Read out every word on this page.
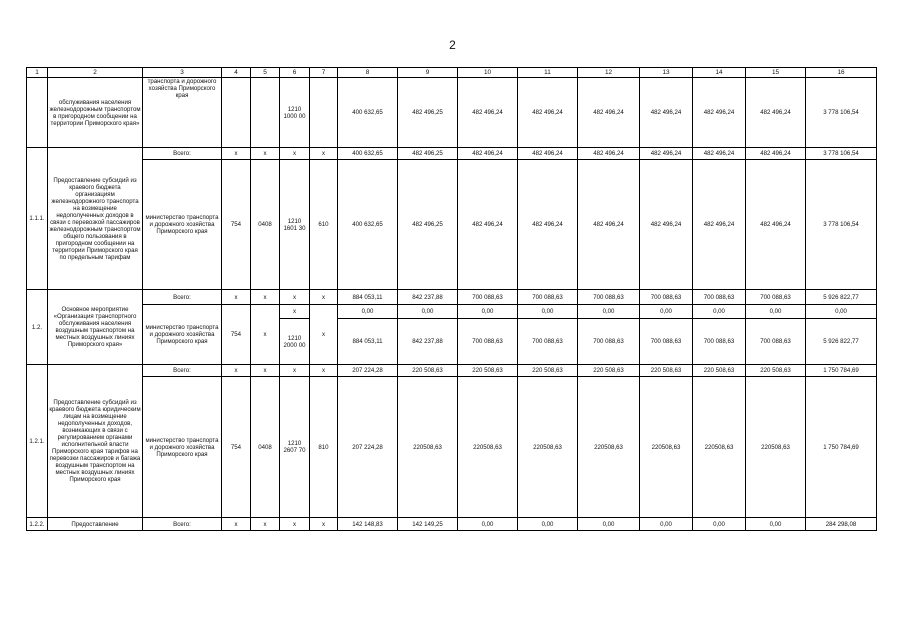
2
1	2	3	4	5	6	7	8	9	10	11	12	13	14	15	16
	обслуживания населения железнодорожным транспортом в пригородном сообщении на территории Приморского края»	транспорта и дорожного хозяйства Приморского края			1210 1000 00		400 632,65	482 496,25	482 496,24	482 496,24	482 496,24	482 496,24	482 496,24	482 496,24	3 778 106,54
1.1.1.	Предоставление субсидий из краевого бюджета организациям железнодорожного транспорта на возмещение недополученных доходов в связи с перевозкой пассажиров железнодорожным транспортом общего пользования в пригородном сообщении на территории Приморского края по предельным тарифам	Всего:	x	x	x	x	400 632,65	482 496,25	482 496,24	482 496,24	482 496,24	482 496,24	482 496,24	482 496,24	3 778 106,54
		министерство транспорта и дорожного хозяйства Приморского края	754	0408	1210 1601 30	610	400 632,65	482 496,25	482 496,24	482 496,24	482 496,24	482 496,24	482 496,24	482 496,24	3 778 106,54
1.2.	Основное мероприятие «Организация транспортного обслуживания населения воздушным транспортом на местных воздушных линиях Приморского края»	Всего:	x	x	x	x	884 053,11	842 237,88	700 088,63	700 088,63	700 088,63	700 088,63	700 088,63	700 088,63	5 926 822,77
		министерство транспорта и дорожного хозяйства Приморского края	754	x	x	x	0,00	0,00	0,00	0,00	0,00	0,00	0,00	0,00	0,00
					1210 2000 00		884 053,11	842 237,88	700 088,63	700 088,63	700 088,63	700 088,63	700 088,63	700 088,63	5 926 822,77
1.2.1.	Предоставление субсидий из краевого бюджета юридическим лицам на возмещение недополученных доходов, возникающих в связи с регулированием органами исполнительной власти Приморского края тарифов на перевозки пассажиров и багажа воздушным транспортом на местных воздушных линиях Приморского края	Всего:	x	x	x	x	207 224,28	220 508,63	220 508,63	220 508,63	220 508,63	220 508,63	220 508,63	220 508,63	1 750 784,69
		министерство транспорта и дорожного хозяйства Приморского края	754	0408	1210 2607 70	810	207 224,28	220508,63	220508,63	220508,63	220508,63	220508,63	220508,63	220508,63	1 750 784,69
1.2.2.	Предоставление	Всего:	x	x	x	x	142 148,83	142 149,25	0,00	0,00	0,00	0,00	0,00	0,00	284 298,08
